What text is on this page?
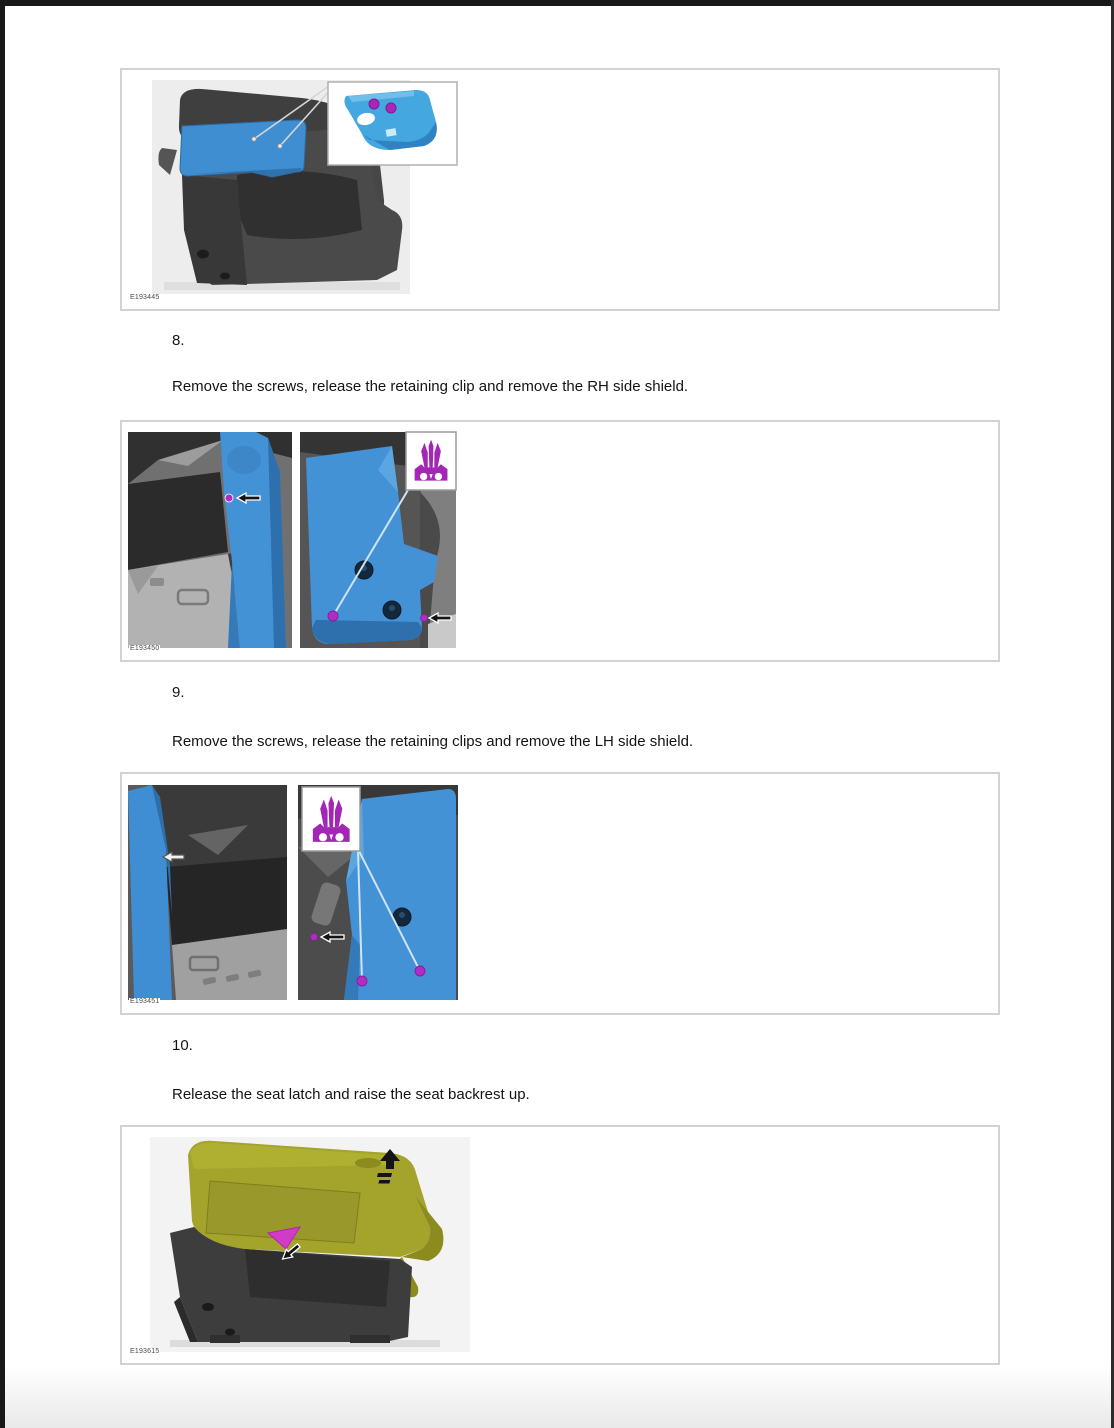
E193445
8.
Remove the screws, release the retaining clip and remove the RH side shield.
E193450
9.
Remove the screws, release the retaining clips and remove the LH side shield.
E193451
10.
Release the seat latch and raise the seat backrest up.
E193615
